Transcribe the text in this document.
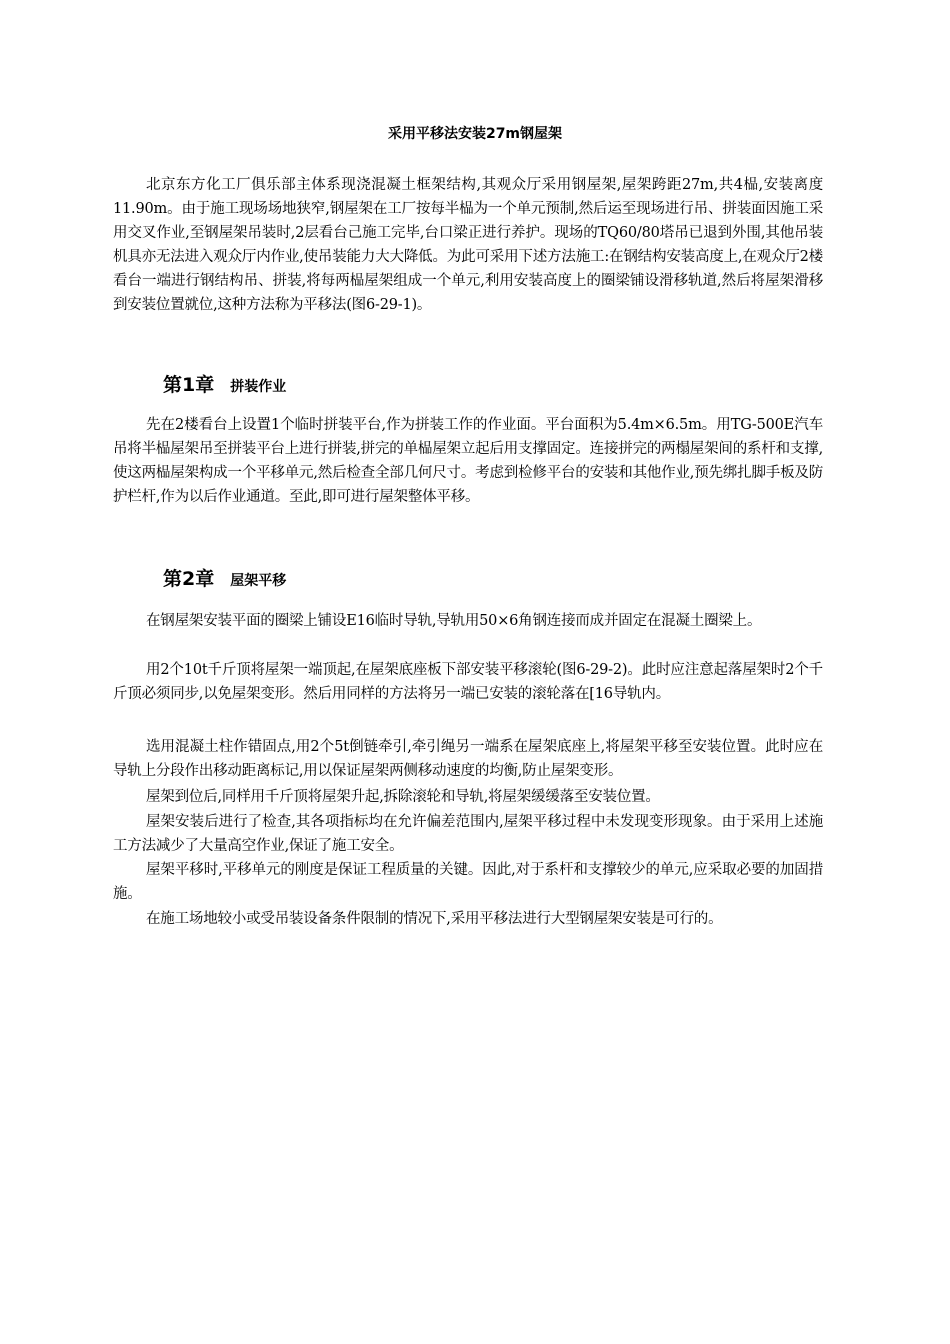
采用平移法安装27m钢屋架

北京东方化工厂俱乐部主体系现浇混凝土框架结构,其观众厅采用钢屋架,屋架跨距27m,共4榀,安装离度11.90m。由于施工现场场地狭窄,钢屋架在工厂按每半榀为一个单元预制,然后运至现场进行吊、拼装面因施工采用交叉作业,至钢屋架吊装时,2层看台己施工完毕,台口梁正进行养护。现场的TQ60/80塔吊已退到外围,其他吊装机具亦无法进入观众厅内作业,使吊装能力大大降低。为此可采用下述方法施工:在钢结构安装高度上,在观众厅2楼看台一端进行钢结构吊、拼装,将每两榀屋架组成一个单元,利用安装高度上的圈梁铺设滑移轨道,然后将屋架滑移到安装位置就位,这种方法称为平移法(图6-29-1)。

第1章 拼装作业

先在2楼看台上设置1个临时拼装平台,作为拼装工作的作业面。平台面积为5.4m×6.5m。用TG-500E汽车吊将半榀屋架吊至拼装平台上进行拼装,拼完的单榀屋架立起后用支撑固定。连接拼完的两榻屋架间的系杆和支撑,使这两榀屋架构成一个平移单元,然后检查全部几何尺寸。考虑到检修平台的安装和其他作业,预先绑扎脚手板及防护栏杆,作为以后作业通道。至此,即可进行屋架整体平移。

第2章 屋架平移

在钢屋架安装平面的圈梁上铺设E16临时导轨,导轨用50×6角钢连接而成并固定在混凝土圈梁上。

用2个10t千斤顶将屋架一端顶起,在屋架底座板下部安装平移滚轮(图6-29-2)。此时应注意起落屋架时2个千斤顶必须同步,以免屋架变形。然后用同样的方法将另一端已安装的滚轮落在[16导轨内。

选用混凝土柱作错固点,用2个5t倒链牵引,牵引绳另一端系在屋架底座上,将屋架平移至安装位置。此时应在导轨上分段作出移动距离标记,用以保证屋架两侧移动速度的均衡,防止屋架变形。

屋架到位后,同样用千斤顶将屋架升起,拆除滚轮和导轨,将屋架缓缓落至安装位置。

屋架安装后进行了检查,其各项指标均在允许偏差范围内,屋架平移过程中未发现变形现象。由于采用上述施工方法减少了大量高空作业,保证了施工安全。

屋架平移时,平移单元的刚度是保证工程质量的关键。因此,对于系杆和支撑较少的单元,应采取必要的加固措施。

在施工场地较小或受吊装设备条件限制的情况下,采用平移法进行大型钢屋架安装是可行的。
